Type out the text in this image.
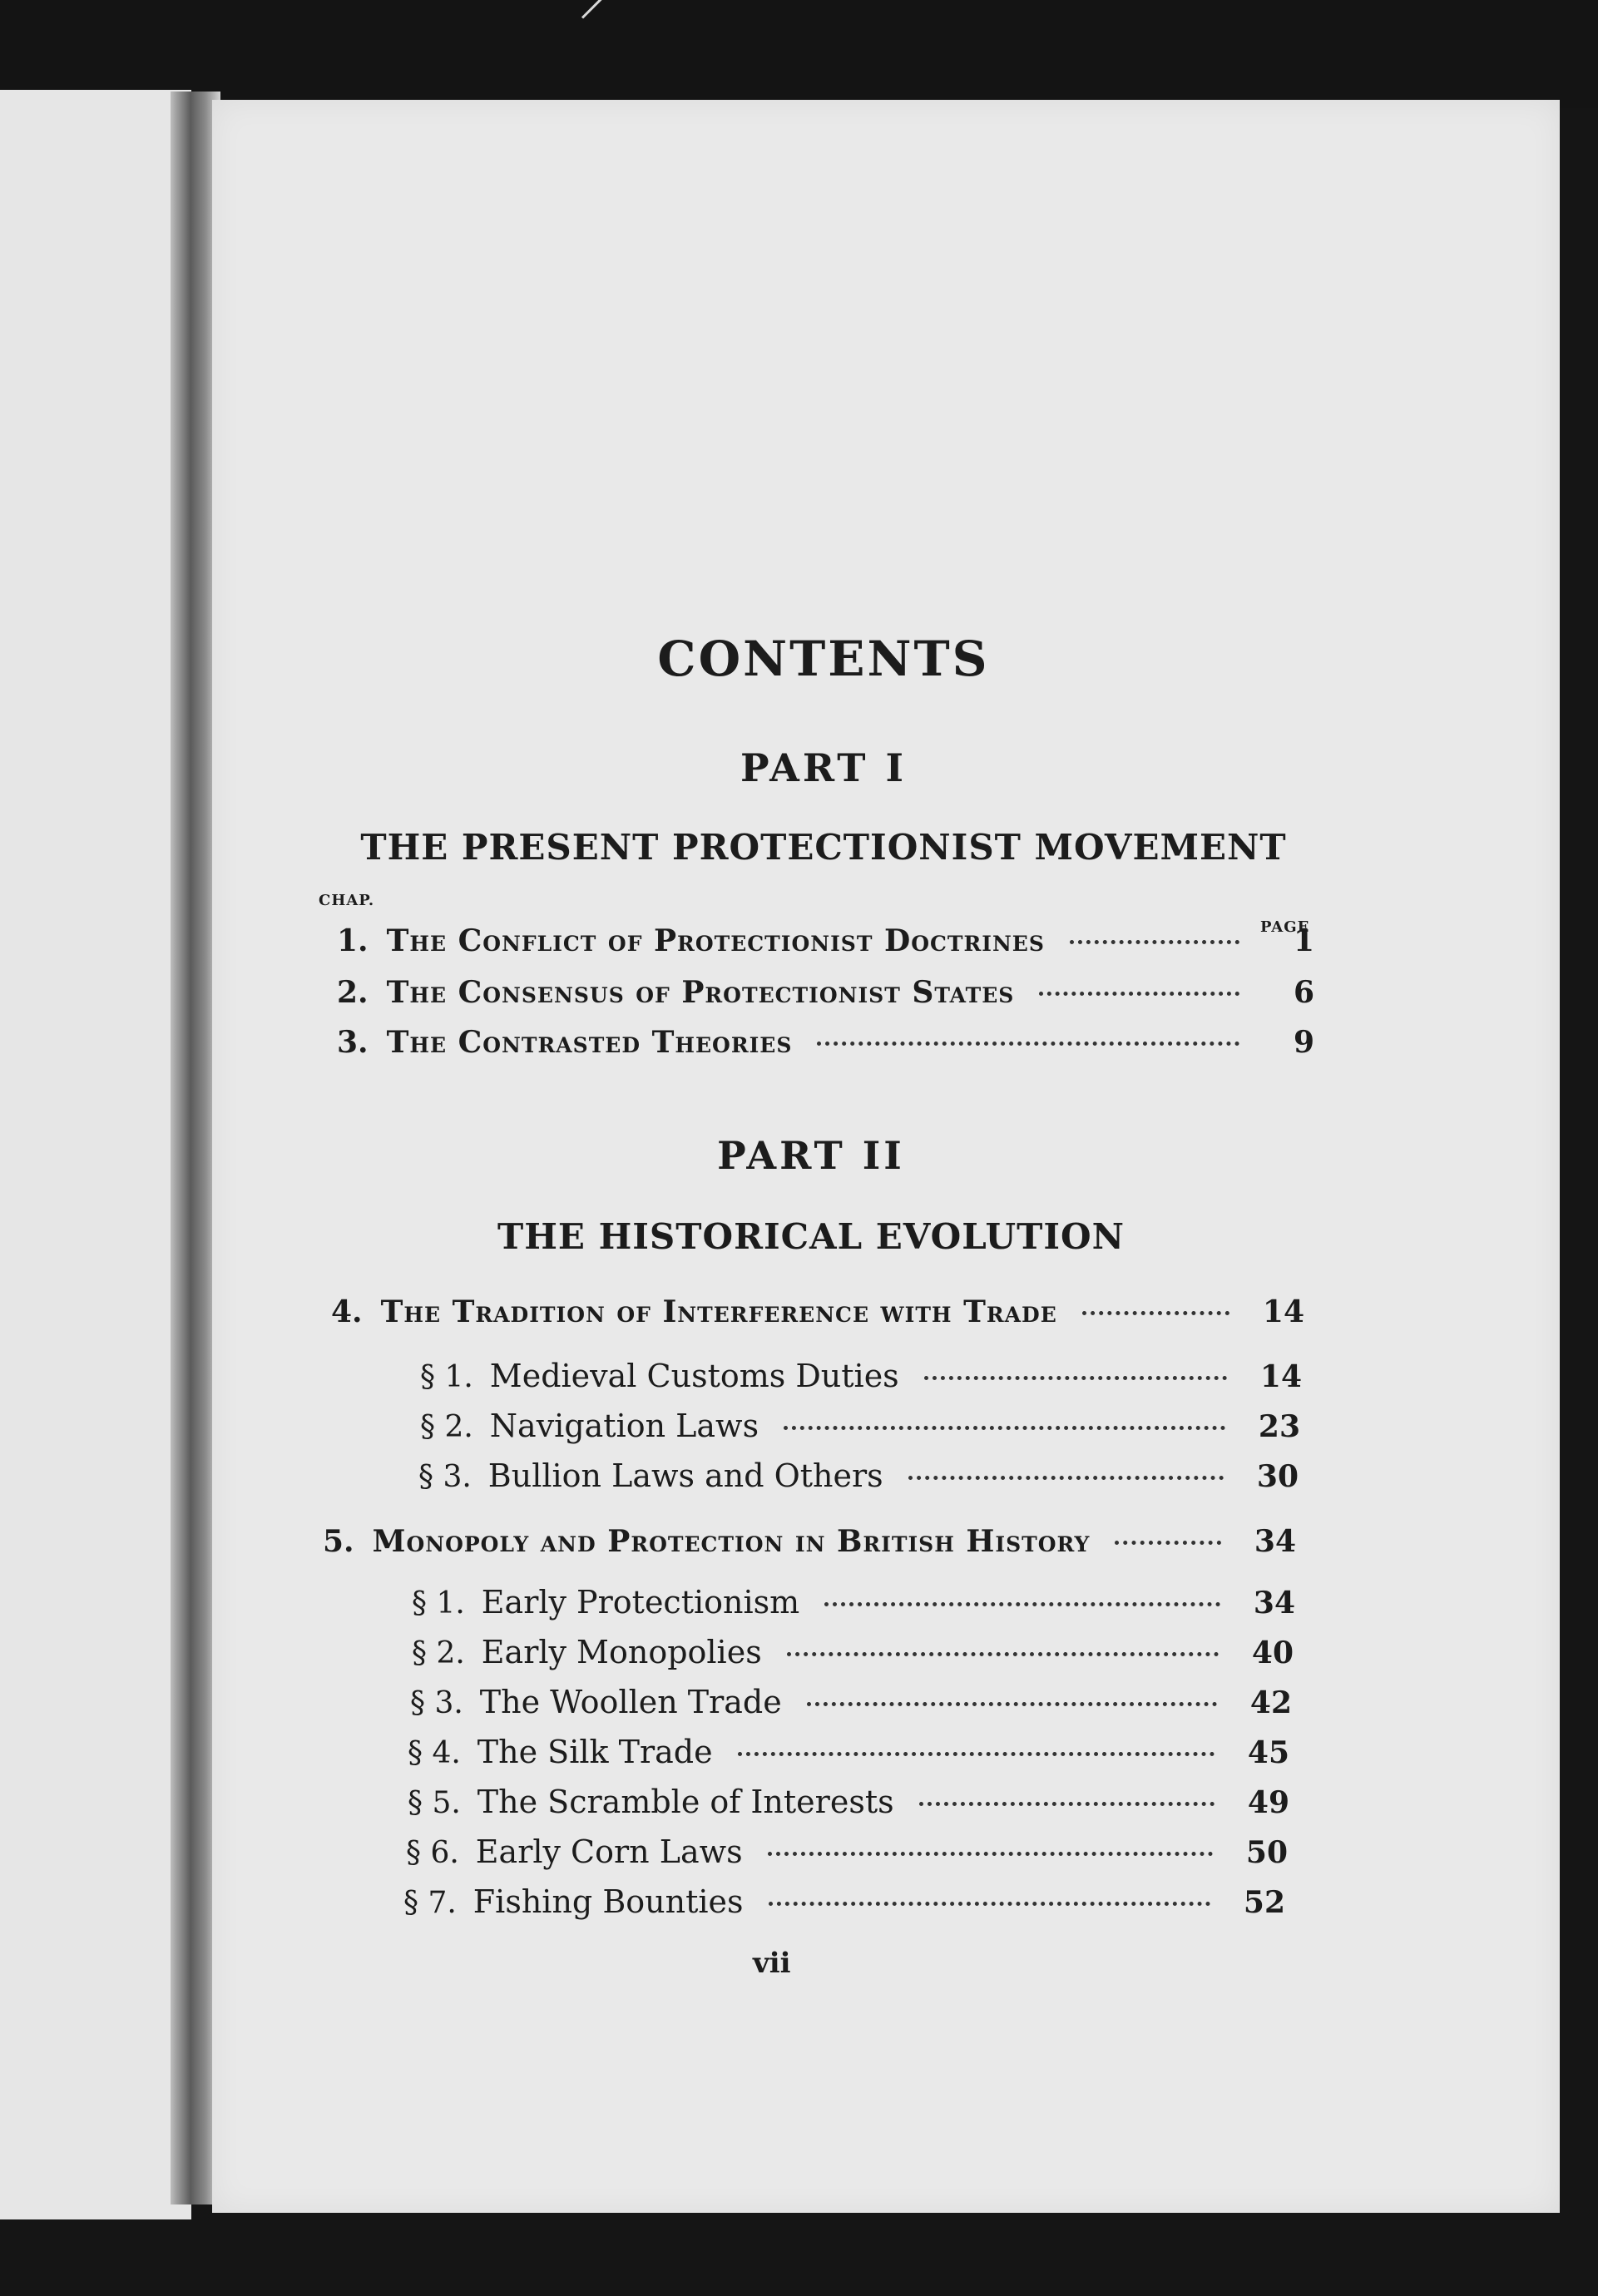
CONTENTS
PART I
THE PRESENT PROTECTIONIST MOVEMENT
CHAP.
PAGE
1. The Conflict of Protectionist Doctrines	1
2. The Consensus of Protectionist States	6
3. The Contrasted Theories	9
PART II
THE HISTORICAL EVOLUTION
4. The Tradition of Interference with Trade	14
§ 1. Medieval Customs Duties	14
§ 2. Navigation Laws	23
§ 3. Bullion Laws and Others	30
5. Monopoly and Protection in British History	34
§ 1. Early Protectionism	34
§ 2. Early Monopolies	40
§ 3. The Woollen Trade	42
§ 4. The Silk Trade	45
§ 5. The Scramble of Interests	49
§ 6. Early Corn Laws	50
§ 7. Fishing Bounties	52
vii
